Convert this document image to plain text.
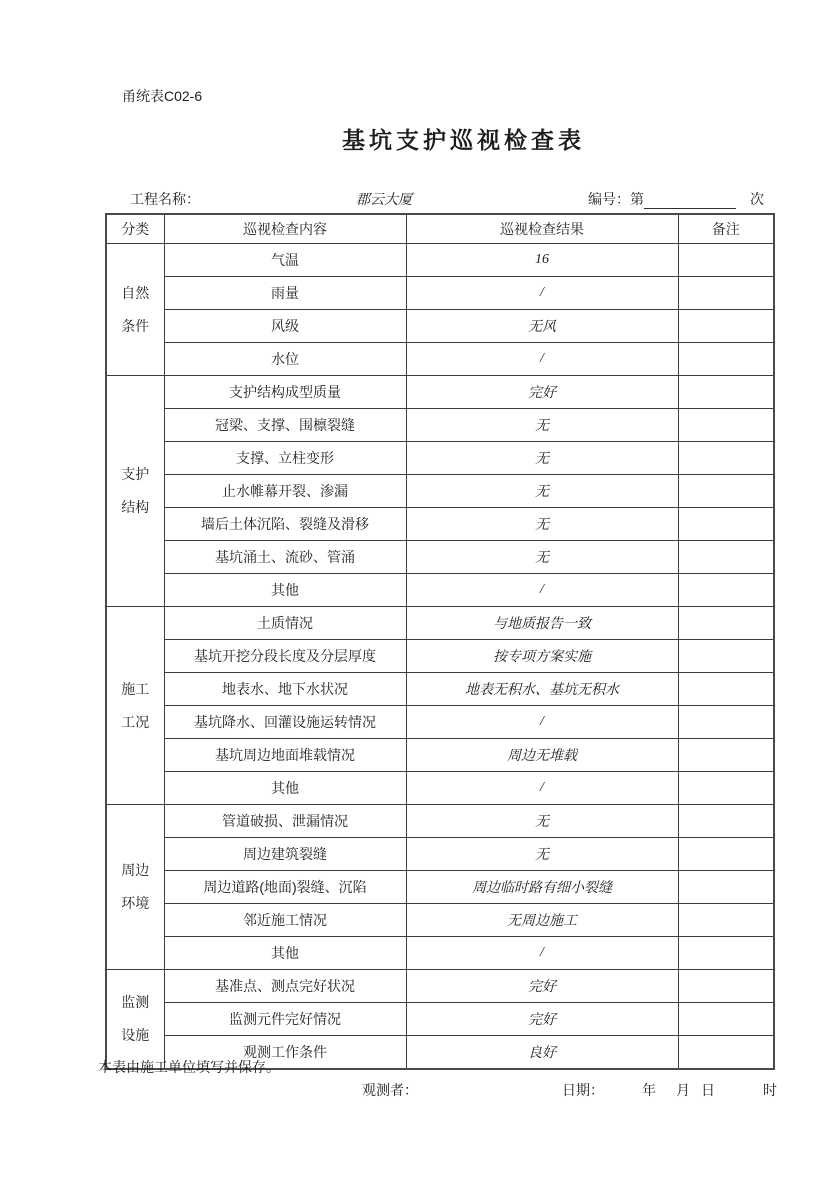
甬统表C02-6
基坑支护巡视检查表
工程名称：	郡云大厦	编号：第	次
分类	巡视检查内容	巡视检查结果	备注

自然
条件	气温	16	
	雨量	/	
	风级	无风	
	水位	/	

支护
结构	支护结构成型质量	完好	
	冠梁、支撑、围檩裂缝	无	
	支撑、立柱变形	无	
	止水帷幕开裂、渗漏	无	
	墙后土体沉陷、裂缝及滑移	无	
	基坑涌土、流砂、管涌	无	
	其他	/	

施工
工况	土质情况	与地质报告一致	
	基坑开挖分段长度及分层厚度	按专项方案实施	
	地表水、地下水状况	地表无积水、基坑无积水	
	基坑降水、回灌设施运转情况	/	
	基坑周边地面堆载情况	周边无堆载	
	其他	/	

周边
环境	管道破损、泄漏情况	无	
	周边建筑裂缝	无	
	周边道路(地面)裂缝、沉陷	周边临时路有细小裂缝	
	邻近施工情况	无周边施工	
	其他	/	

监测
设施	基准点、测点完好状况	完好	
	监测元件完好情况	完好	
	观测工作条件	良好	
本表由施工单位填写并保存。
观测者：	日期：	年 月 日	时
